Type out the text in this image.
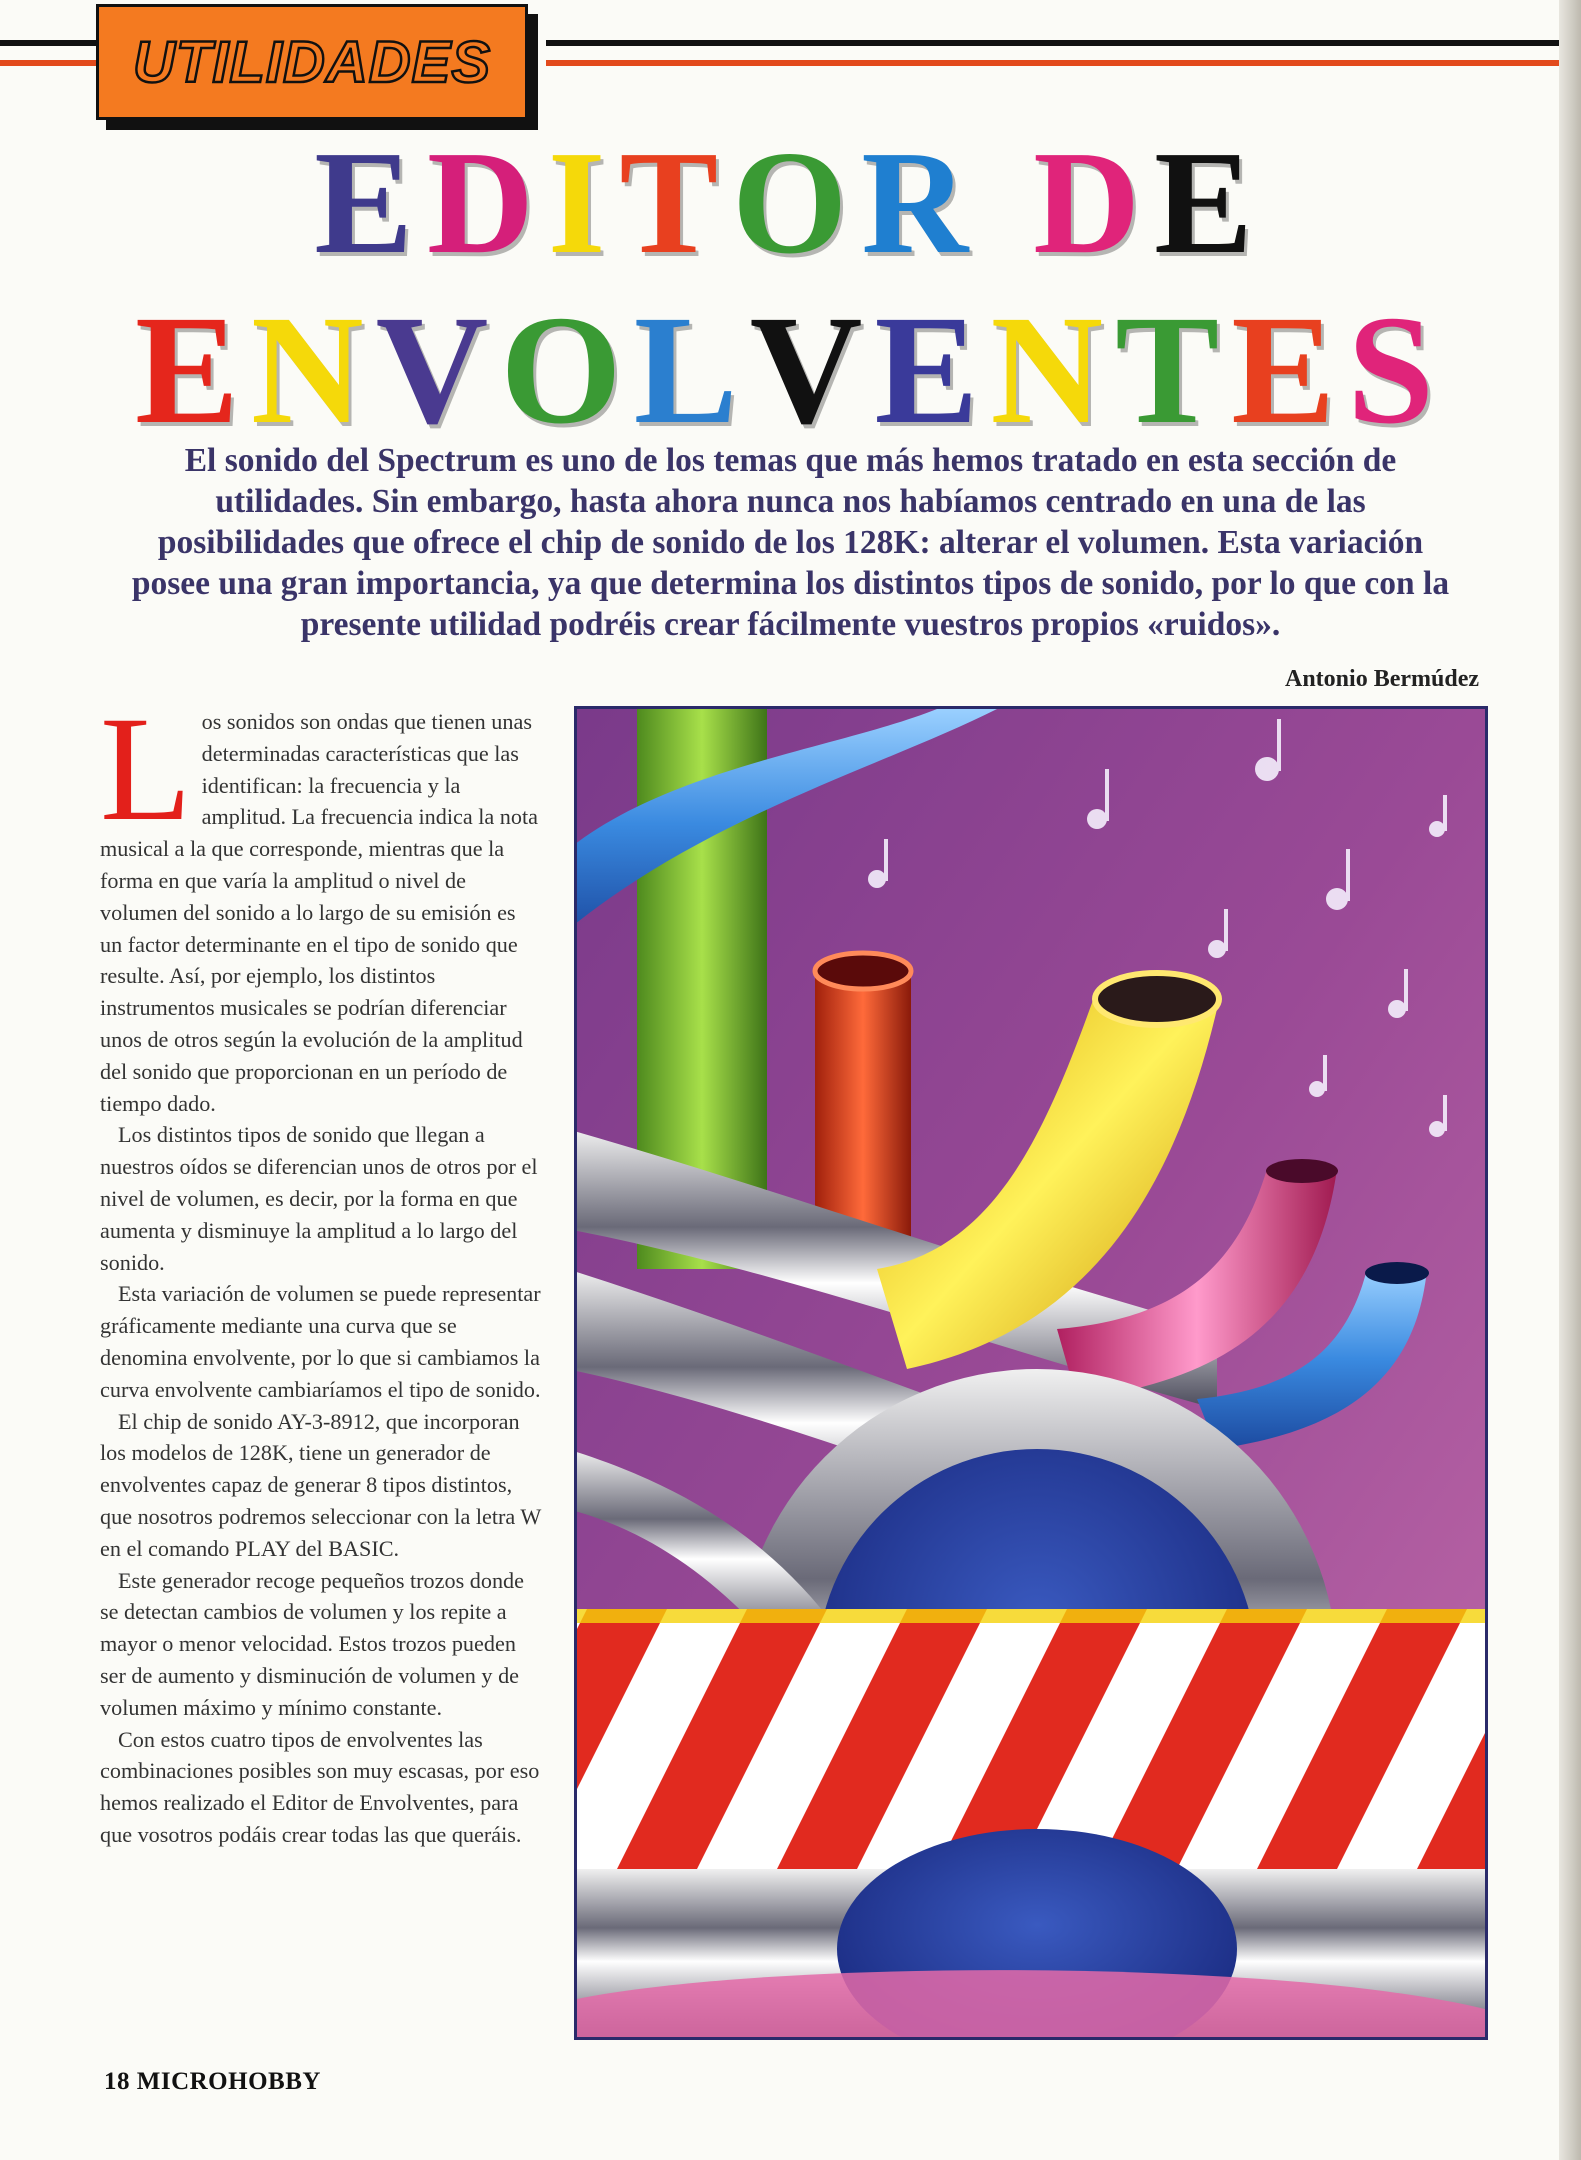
UTILIDADES
EDITOR DE
ENVOLVENTES
El sonido del Spectrum es uno de los temas que más hemos tratado en esta sección de utilidades. Sin embargo, hasta ahora nunca nos habíamos centrado en una de las posibilidades que ofrece el chip de sonido de los 128K: alterar el volumen. Esta variación posee una gran importancia, ya que determina los distintos tipos de sonido, por lo que con la presente utilidad podréis crear fácilmente vuestros propios «ruidos».
Antonio Bermúdez

Los sonidos son ondas que tienen unas determinadas características que las identifican: la frecuencia y la amplitud. La frecuencia indica la nota musical a la que corresponde, mientras que la forma en que varía la amplitud o nivel de volumen del sonido a lo largo de su emisión es un factor determinante en el tipo de sonido que resulte. Así, por ejemplo, los distintos instrumentos musicales se podrían diferenciar unos de otros según la evolución de la amplitud del sonido que proporcionan en un período de tiempo dado.

Los distintos tipos de sonido que llegan a nuestros oídos se diferencian unos de otros por el nivel de volumen, es decir, por la forma en que aumenta y disminuye la amplitud a lo largo del sonido.

Esta variación de volumen se puede representar gráficamente mediante una curva que se denomina envolvente, por lo que si cambiamos la curva envolvente cambiaríamos el tipo de sonido.

El chip de sonido AY-3-8912, que incorporan los modelos de 128K, tiene un generador de envolventes capaz de generar 8 tipos distintos, que nosotros podremos seleccionar con la letra W en el comando PLAY del BASIC.

Este generador recoge pequeños trozos donde se detectan cambios de volumen y los repite a mayor o menor velocidad. Estos trozos pueden ser de aumento y disminución de volumen y de volumen máximo y mínimo constante.

Con estos cuatro tipos de envolventes las combinaciones posibles son muy escasas, por eso hemos realizado el Editor de Envolventes, para que vosotros podáis crear todas las que queráis.

18 MICROHOBBY
